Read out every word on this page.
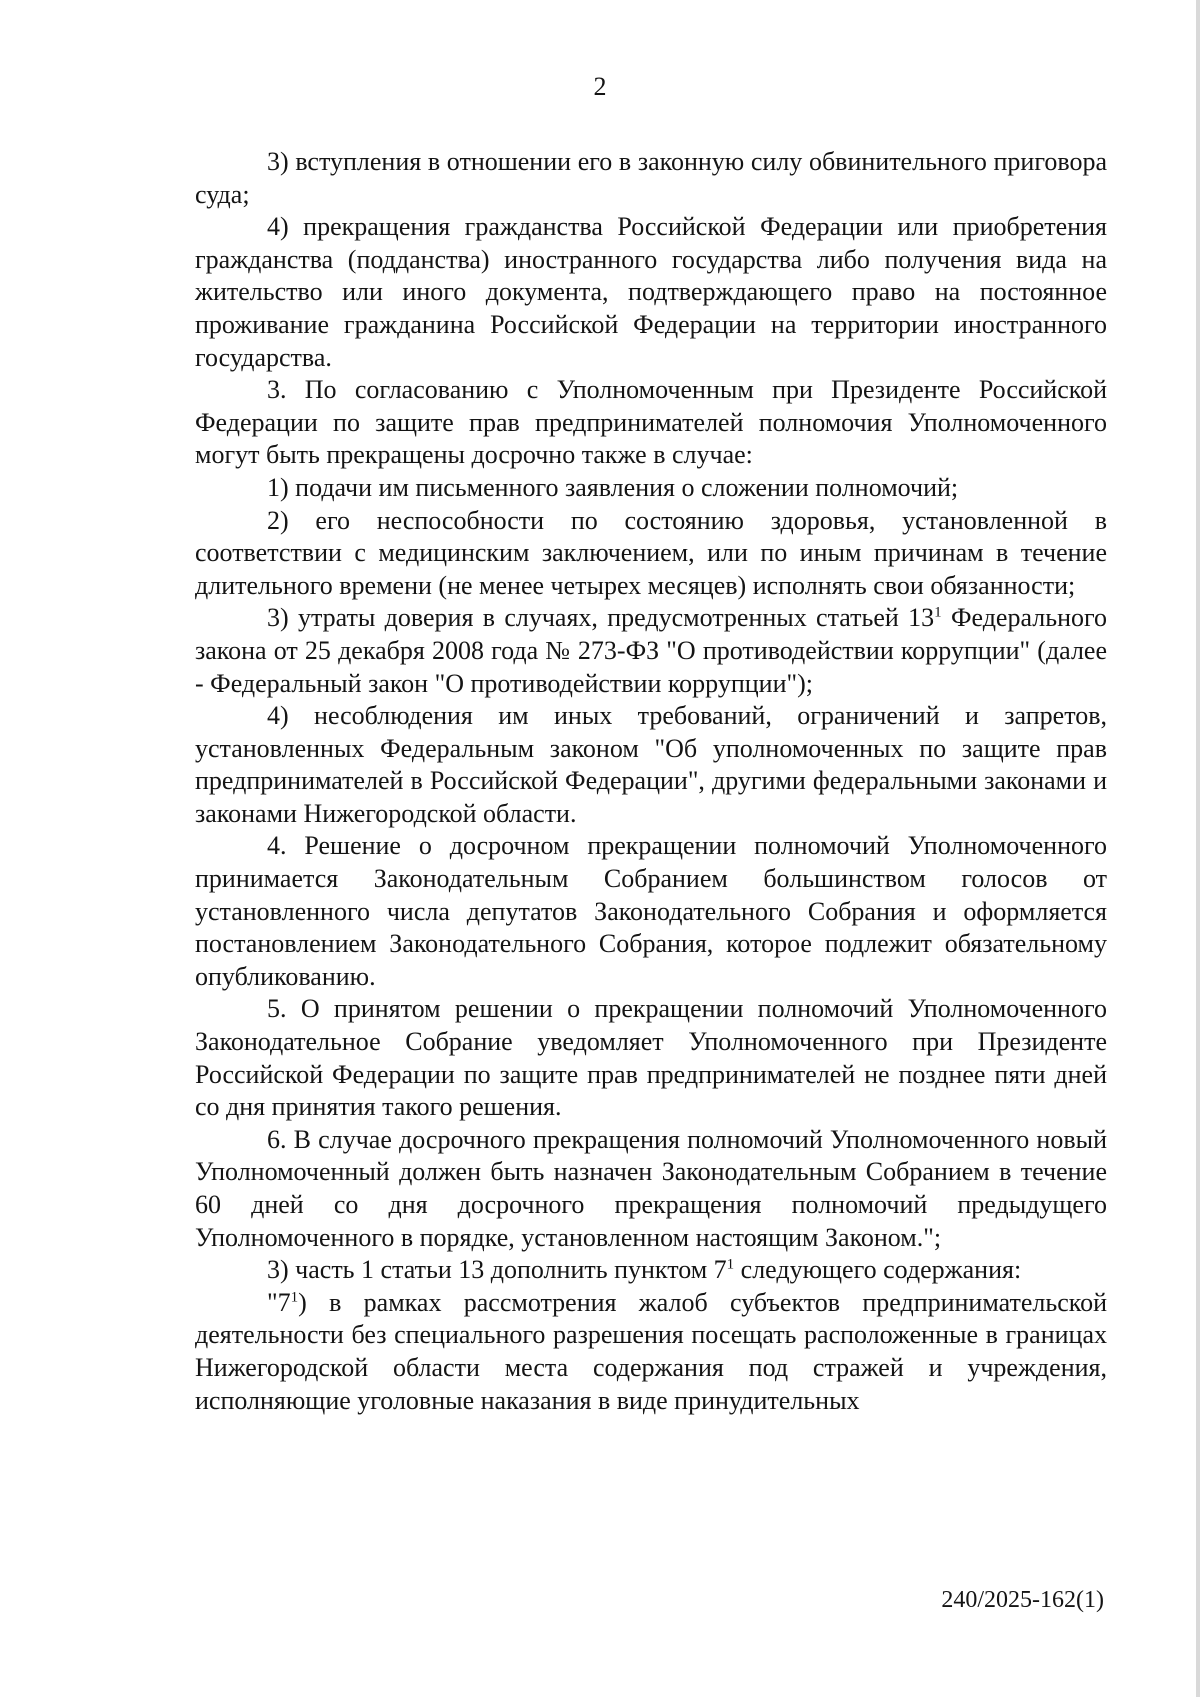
2

3) вступления в отношении его в законную силу обвинительного приговора суда;

4) прекращения гражданства Российской Федерации или приобретения гражданства (подданства) иностранного государства либо получения вида на жительство или иного документа, подтверждающего право на постоянное проживание гражданина Российской Федерации на территории иностранного государства.

3. По согласованию с Уполномоченным при Президенте Российской Федерации по защите прав предпринимателей полномочия Уполномоченного могут быть прекращены досрочно также в случае:

1) подачи им письменного заявления о сложении полномочий;

2) его неспособности по состоянию здоровья, установленной в соответствии с медицинским заключением, или по иным причинам в течение длительного времени (не менее четырех месяцев) исполнять свои обязанности;

3) утраты доверия в случаях, предусмотренных статьей $13^1$ Федерального закона от 25 декабря 2008 года № 273-ФЗ "О противодействии коррупции" (далее - Федеральный закон "О противодействии коррупции");

4) несоблюдения им иных требований, ограничений и запретов, установленных Федеральным законом "Об уполномоченных по защите прав предпринимателей в Российской Федерации", другими федеральными законами и законами Нижегородской области.

4. Решение о досрочном прекращении полномочий Уполномоченного принимается Законодательным Собранием большинством голосов от установленного числа депутатов Законодательного Собрания и оформляется постановлением Законодательного Собрания, которое подлежит обязательному опубликованию.

5. О принятом решении о прекращении полномочий Уполномоченного Законодательное Собрание уведомляет Уполномоченного при Президенте Российской Федерации по защите прав предпринимателей не позднее пяти дней со дня принятия такого решения.

6. В случае досрочного прекращения полномочий Уполномоченного новый Уполномоченный должен быть назначен Законодательным Собранием в течение 60 дней со дня досрочного прекращения полномочий предыдущего Уполномоченного в порядке, установленном настоящим Законом.";

3) часть 1 статьи 13 дополнить пунктом $7^1$ следующего содержания:

"$7^1$) в рамках рассмотрения жалоб субъектов предпринимательской деятельности без специального разрешения посещать расположенные в границах Нижегородской области места содержания под стражей и учреждения, исполняющие уголовные наказания в виде принудительных

240/2025-162(1)
